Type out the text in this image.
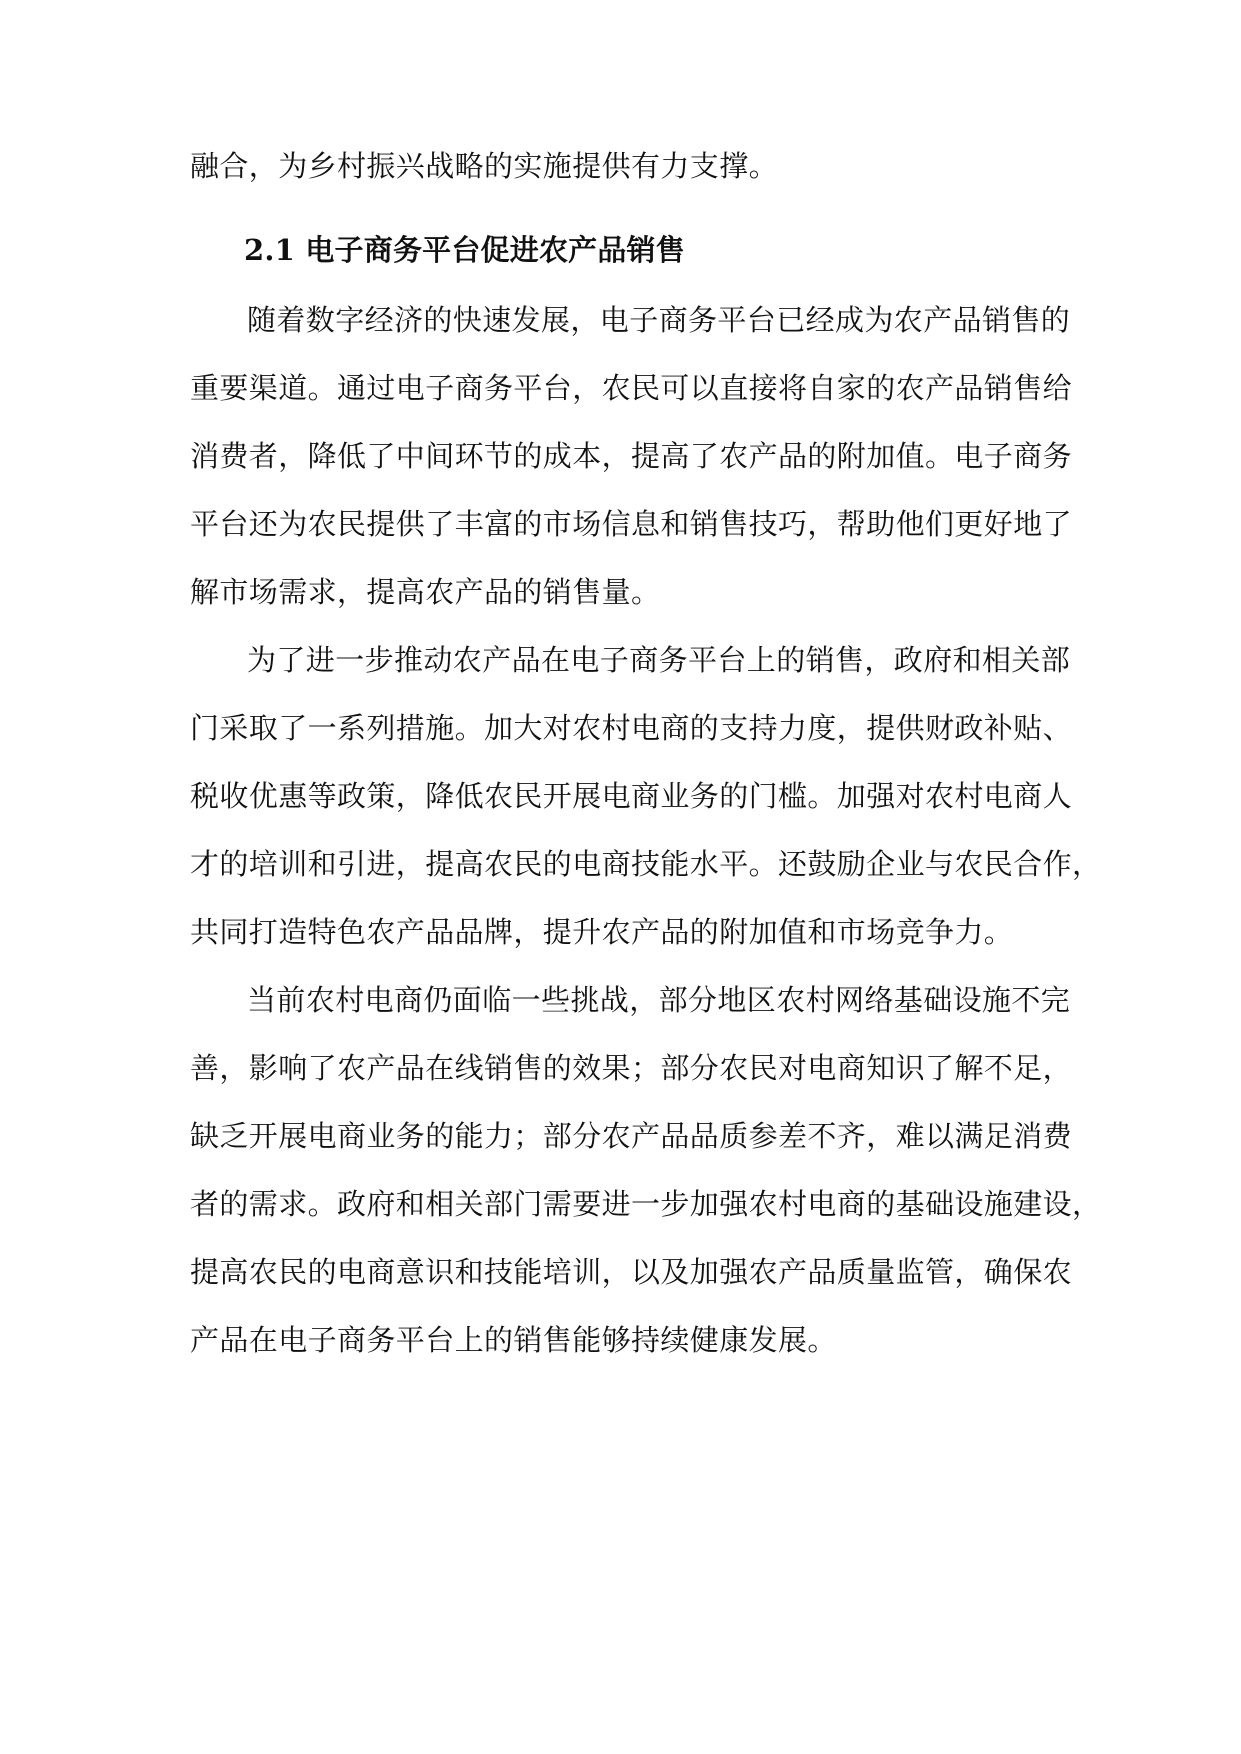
融合，为乡村振兴战略的实施提供有力支撑。
2.1 电子商务平台促进农产品销售
随着数字经济的快速发展，电子商务平台已经成为农产品销售的
重要渠道。通过电子商务平台，农民可以直接将自家的农产品销售给
消费者，降低了中间环节的成本，提高了农产品的附加值。电子商务
平台还为农民提供了丰富的市场信息和销售技巧，帮助他们更好地了
解市场需求，提高农产品的销售量。
为了进一步推动农产品在电子商务平台上的销售，政府和相关部
门采取了一系列措施。加大对农村电商的支持力度，提供财政补贴、
税收优惠等政策，降低农民开展电商业务的门槛。加强对农村电商人
才的培训和引进，提高农民的电商技能水平。还鼓励企业与农民合作，
共同打造特色农产品品牌，提升农产品的附加值和市场竞争力。
当前农村电商仍面临一些挑战，部分地区农村网络基础设施不完
善，影响了农产品在线销售的效果；部分农民对电商知识了解不足，
缺乏开展电商业务的能力；部分农产品品质参差不齐，难以满足消费
者的需求。政府和相关部门需要进一步加强农村电商的基础设施建设，
提高农民的电商意识和技能培训，以及加强农产品质量监管，确保农
产品在电子商务平台上的销售能够持续健康发展。
